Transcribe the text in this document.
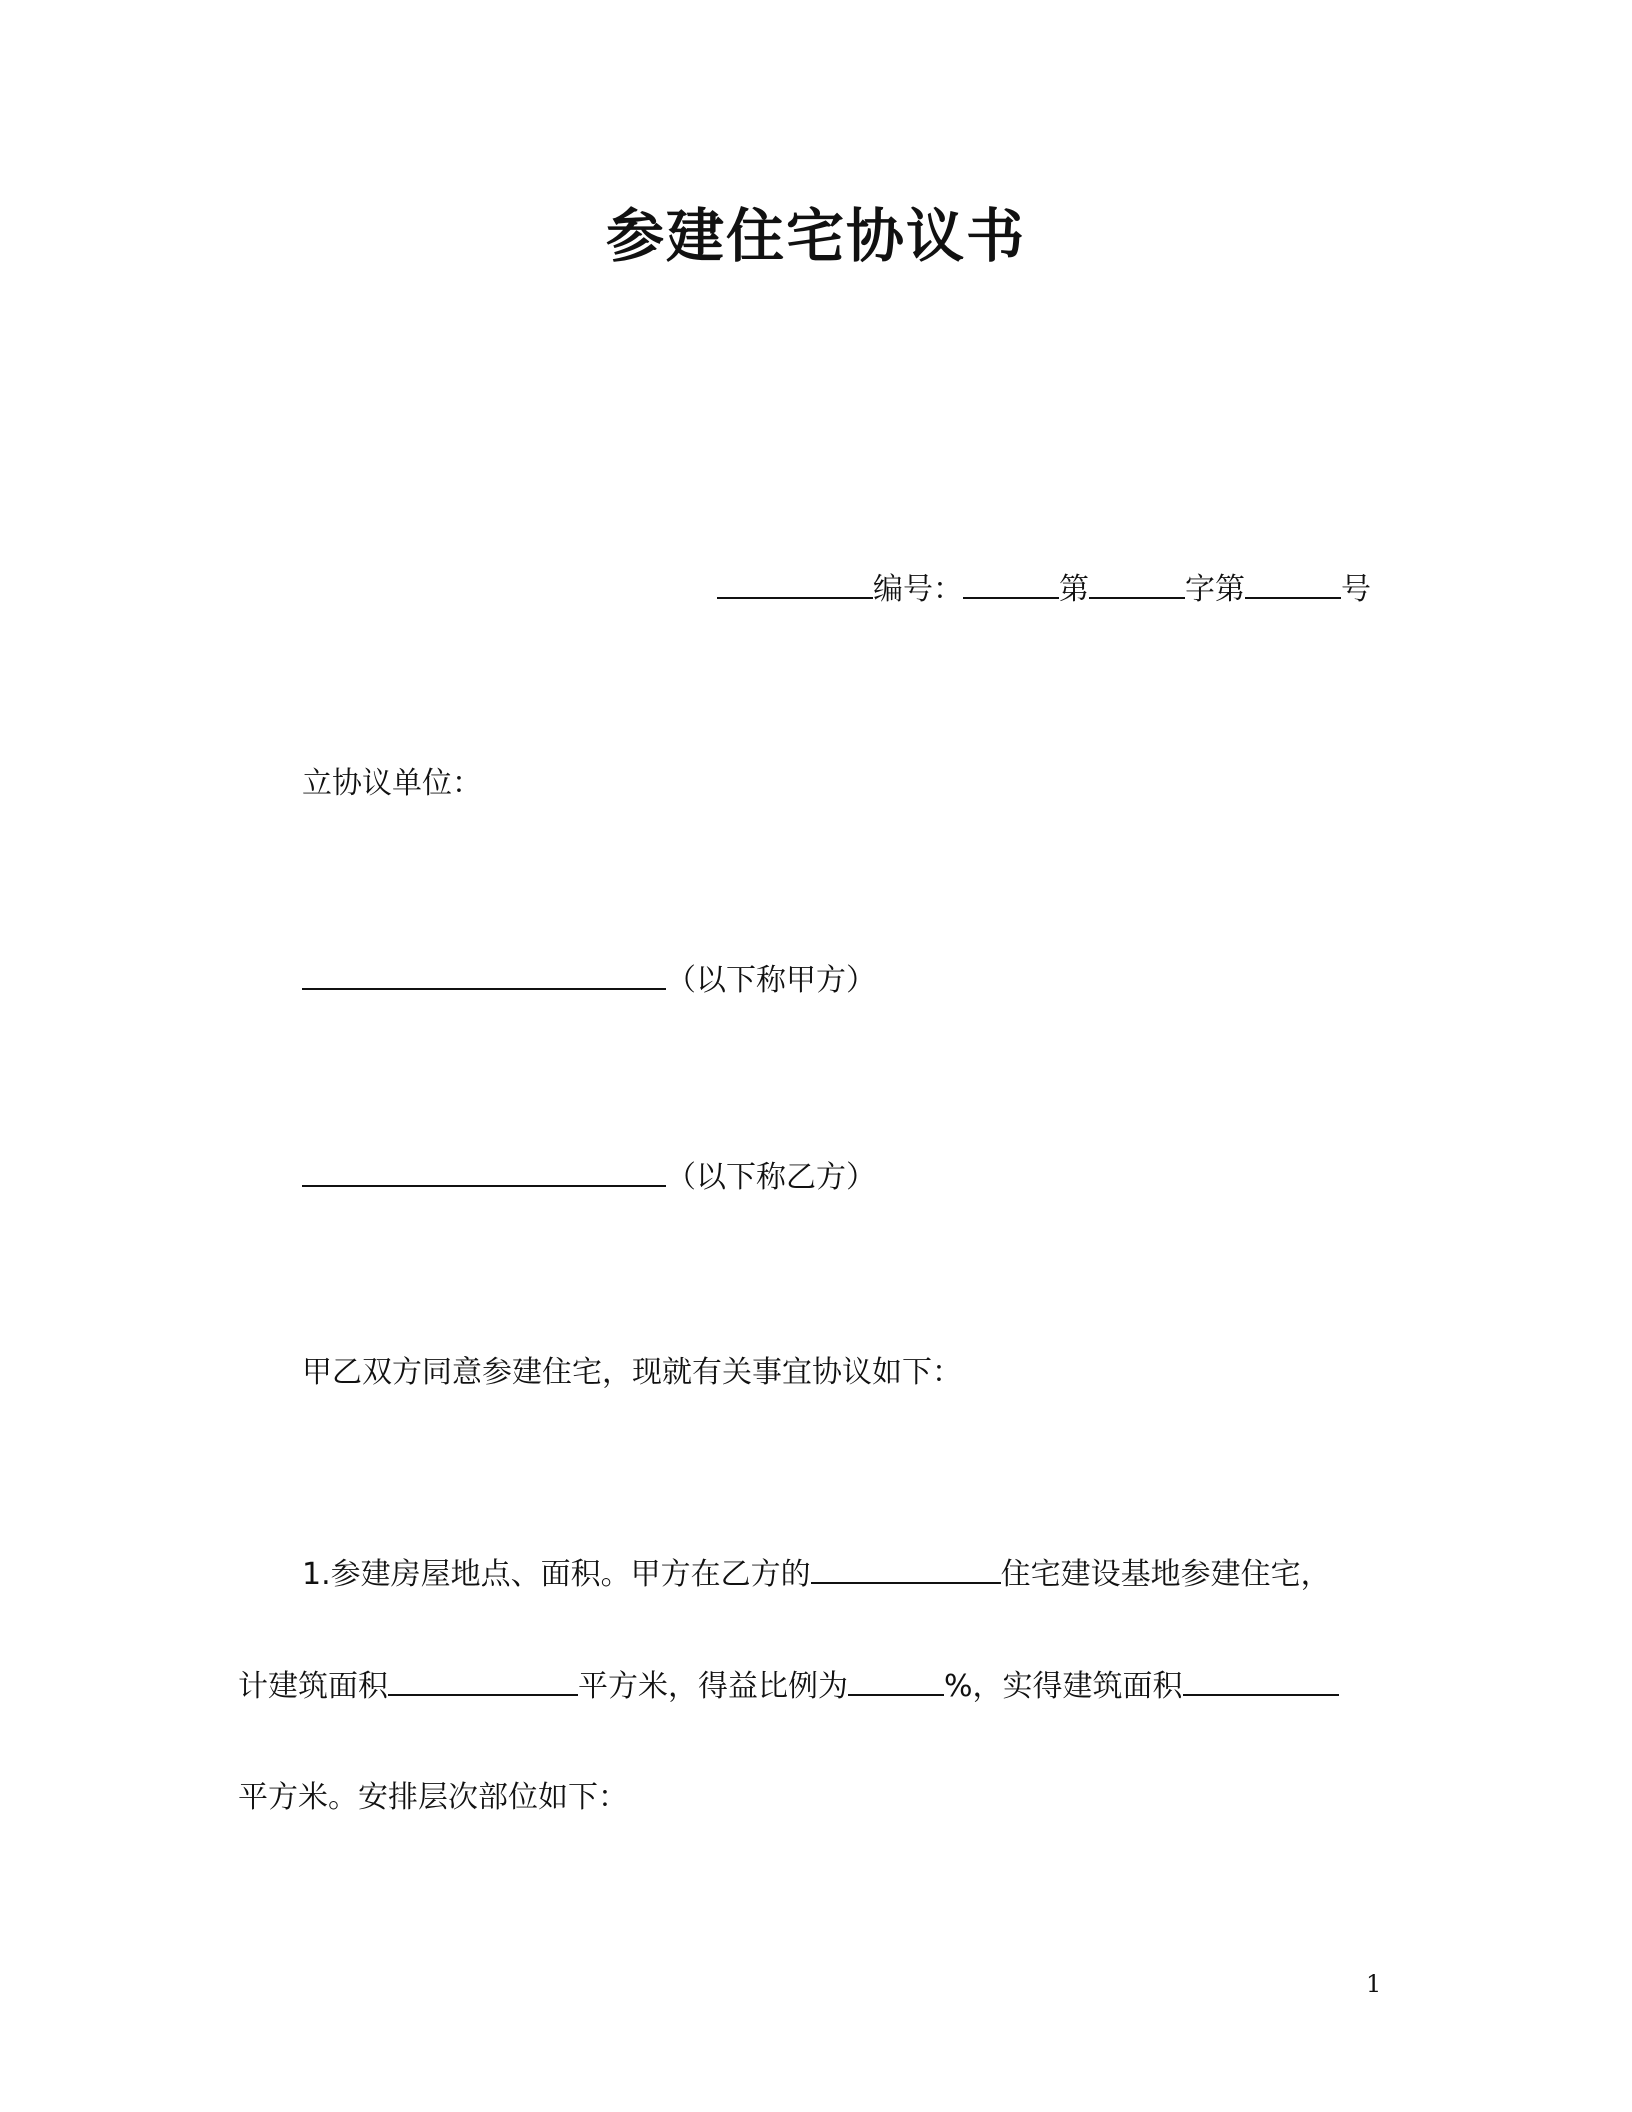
参建住宅协议书
编号：	第	字第	号
立协议单位：
（以下称甲方）
（以下称乙方）
甲乙双方同意参建住宅，现就有关事宜协议如下：
1.参建房屋地点、面积。甲方在乙方的	住宅建设基地参建住宅，
计建筑面积	平方米，得益比例为	%，实得建筑面积
平方米。安排层次部位如下：
1
